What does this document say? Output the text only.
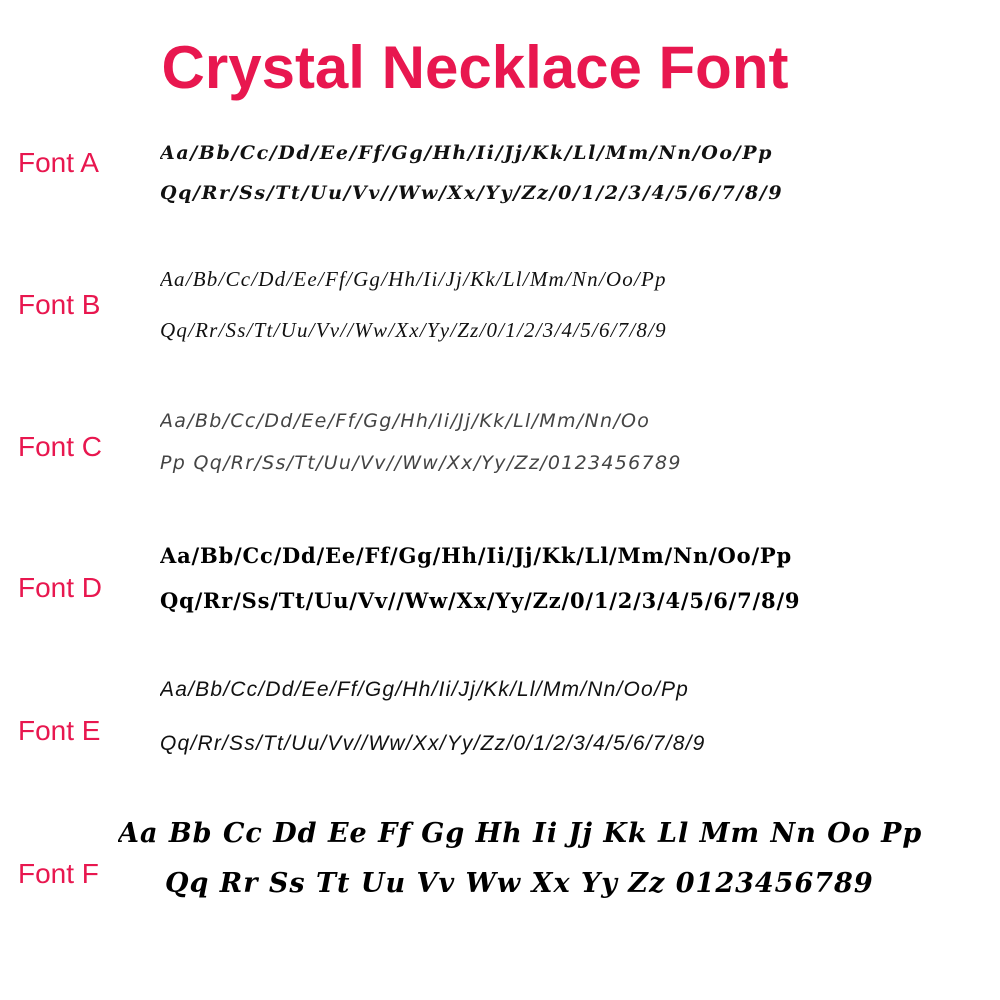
Crystal Necklace Font
Font A	Aa/Bb/Cc/Dd/Ee/Ff/Gg/Hh/Ii/Jj/Kk/Ll/Mm/Nn/Oo/Pp
Qq/Rr/Ss/Tt/Uu/Vv//Ww/Xx/Yy/Zz/0/1/2/3/4/5/6/7/8/9
Font B
Aa/Bb/Cc/Dd/Ee/Ff/Gg/Hh/Ii/Jj/Kk/Ll/Mm/Nn/Oo/Pp
Qq/Rr/Ss/Tt/Uu/Vv//Ww/Xx/Yy/Zz/0/1/2/3/4/5/6/7/8/9
Font C
Aa/Bb/Cc/Dd/Ee/Ff/Gg/Hh/Ii/Jj/Kk/Ll/Mm/Nn/Oo
Pp Qq/Rr/Ss/Tt/Uu/Vv//Ww/Xx/Yy/Zz/0123456789
Font D
Aa/Bb/Cc/Dd/Ee/Ff/Gg/Hh/Ii/Jj/Kk/Ll/Mm/Nn/Oo/Pp
Qq/Rr/Ss/Tt/Uu/Vv//Ww/Xx/Yy/Zz/0/1/2/3/4/5/6/7/8/9
Font E
Aa/Bb/Cc/Dd/Ee/Ff/Gg/Hh/Ii/Jj/Kk/Ll/Mm/Nn/Oo/Pp
Qq/Rr/Ss/Tt/Uu/Vv//Ww/Xx/Yy/Zz/0/1/2/3/4/5/6/7/8/9
Font F
Aa Bb Cc Dd Ee Ff Gg Hh Ii Jj Kk Ll Mm Nn Oo Pp
Qq Rr Ss Tt Uu Vv Ww Xx Yy Zz 0123456789
